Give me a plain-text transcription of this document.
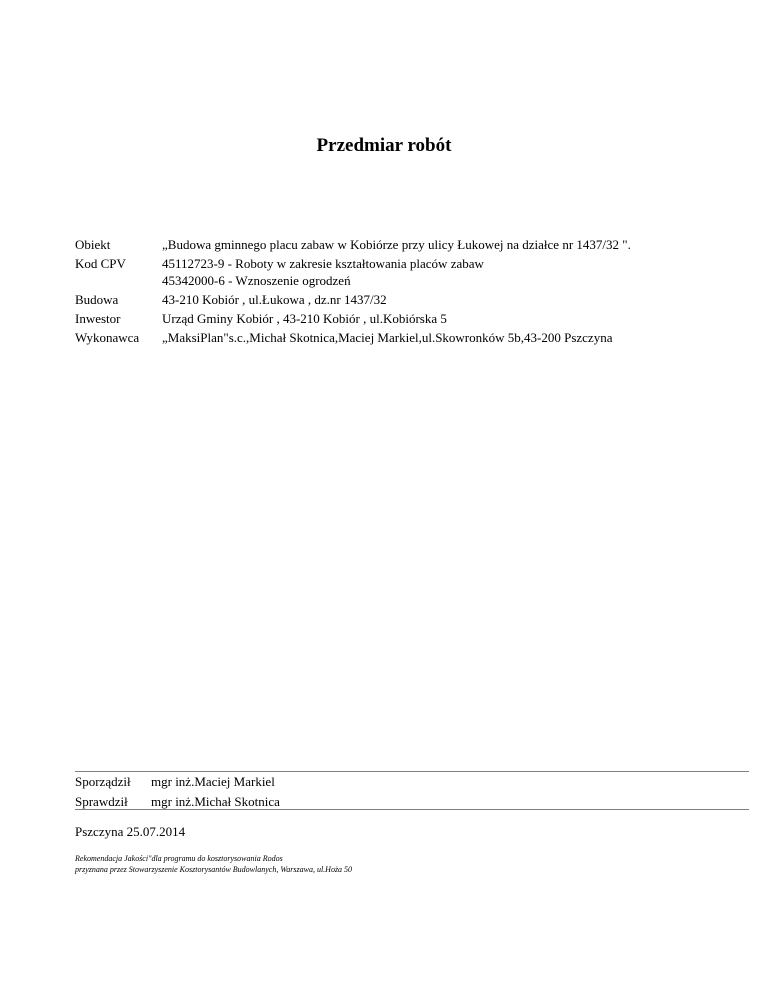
Przedmiar robót
Obiekt	„Budowa gminnego placu zabaw w Kobiórze przy ulicy Łukowej na działce nr 1437/32 ".
Kod CPV	45112723-9 - Roboty w zakresie kształtowania placów zabaw
45342000-6 - Wznoszenie ogrodzeń
Budowa	43-210 Kobiór , ul.Łukowa , dz.nr 1437/32
Inwestor	Urząd Gminy Kobiór , 43-210 Kobiór , ul.Kobiórska 5
Wykonawca	„MaksiPlan"s.c.,Michał Skotnica,Maciej Markiel,ul.Skowronków 5b,43-200 Pszczyna
Sporządził	mgr inż.Maciej Markiel
Sprawdził	mgr inż.Michał Skotnica
Pszczyna 25.07.2014
Rekomendacja Jakości"dla programu do kosztorysowania Rodos
przyznana przez Stowarzyszenie Kosztorysantów Budowlanych, Warszawa, ul.Hoża 50
